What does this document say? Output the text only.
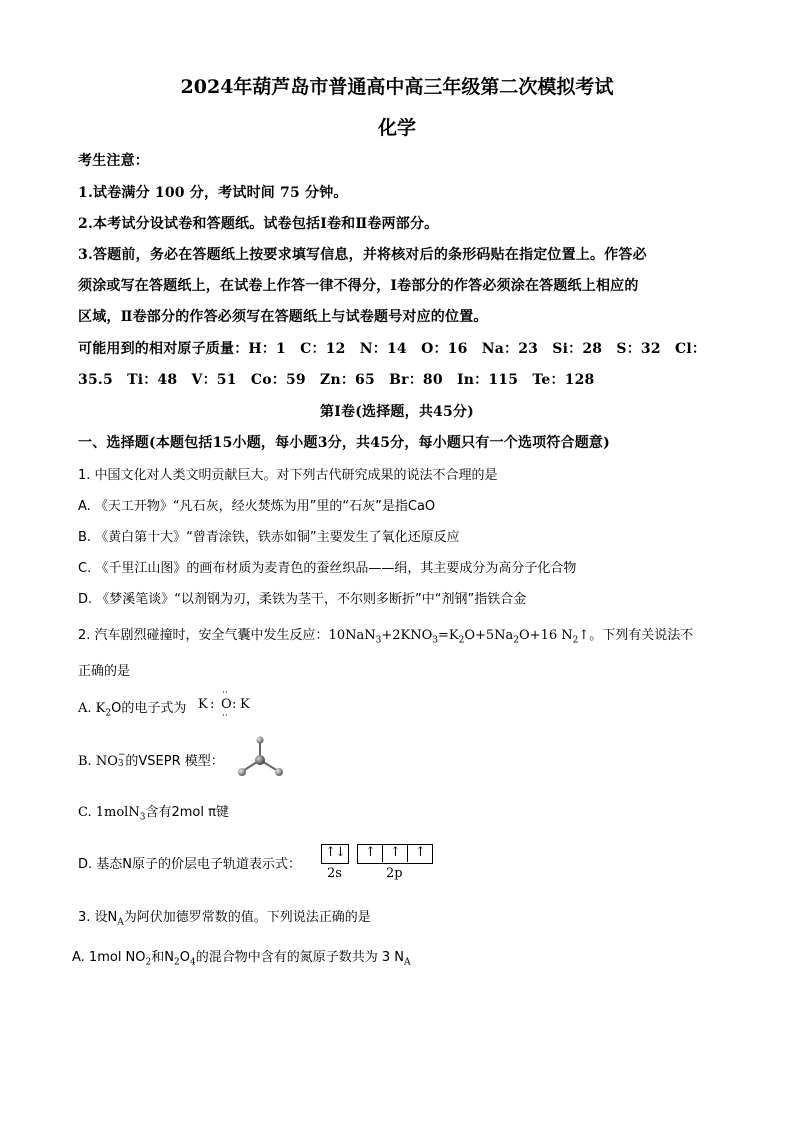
2024年葫芦岛市普通高中高三年级第二次模拟考试
化学
考生注意：
1.试卷满分 100 分，考试时间 75 分钟。
2.本考试分设试卷和答题纸。试卷包括Ⅰ卷和Ⅱ卷两部分。
3.答题前，务必在答题纸上按要求填写信息，并将核对后的条形码贴在指定位置上。作答必
须涂或写在答题纸上，在试卷上作答一律不得分，Ⅰ卷部分的作答必须涂在答题纸上相应的
区域，Ⅱ卷部分的作答必须写在答题纸上与试卷题号对应的位置。
可能用到的相对原子质量：H：1　C：12　N：14　O：16　Na：23　Si：28　S：32　Cl：
35.5　Ti：48　V：51　Co：59　Zn：65　Br：80　In：115　Te：128
第Ⅰ卷(选择题，共45分)
一、选择题(本题包括15小题，每小题3分，共45分，每小题只有一个选项符合题意)
1. 中国文化对人类文明贡献巨大。对下列古代研究成果的说法不合理的是
A. 《天工开物》“凡石灰，经火焚炼为用”里的“石灰”是指CaO
B. 《黄白第十大》“曾青涂铁，铁赤如铜”主要发生了氧化还原反应
C. 《千里江山图》的画布材质为麦青色的蚕丝织品——绢，其主要成分为高分子化合物
D. 《梦溪笔谈》“以剂钢为刃，柔铁为茎干，不尔则多断折”中“剂钢”指铁合金
2. 汽车剧烈碰撞时，安全气囊中发生反应：$10NaN_3+2KNO_3=K_2O+5Na_2O+16$ $N_2↑$。下列有关说法不
正确的是
A. $K_2O$的电子式为 K :
··
O
··
: K
B. NO −
3 的VSEPR 模型：
C. 1molN$_3$含有2mol π键
D. 基态N原子的价层电子轨道表示式：
↑↓	↑	↑	↑
2s	2p
3. 设$N_A$为阿伏加德罗常数的值。下列说法正确的是
A. 1mol $NO_2$和$N_2O_4$的混合物中含有的氮原子数共为 3 $N_A$
